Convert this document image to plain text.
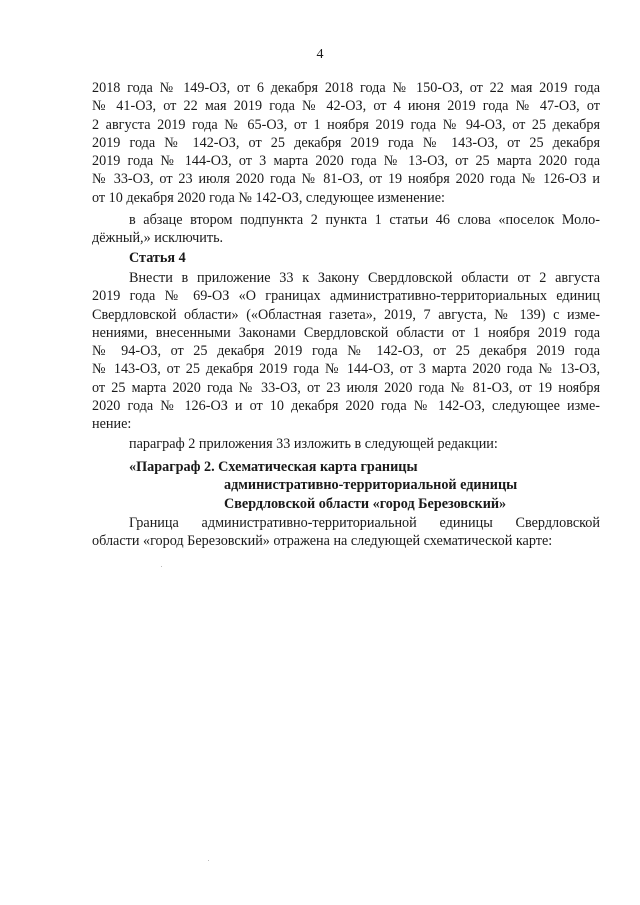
4
2018 года № 149-ОЗ, от 6 декабря 2018 года № 150-ОЗ, от 22 мая 2019 года
№ 41-ОЗ, от 22 мая 2019 года № 42-ОЗ, от 4 июня 2019 года № 47-ОЗ, от
2 августа 2019 года № 65-ОЗ, от 1 ноября 2019 года № 94-ОЗ, от 25 декабря
2019 года № 142-ОЗ, от 25 декабря 2019 года № 143-ОЗ, от 25 декабря
2019 года № 144-ОЗ, от 3 марта 2020 года № 13-ОЗ, от 25 марта 2020 года
№ 33-ОЗ, от 23 июля 2020 года № 81-ОЗ, от 19 ноября 2020 года № 126-ОЗ и
от 10 декабря 2020 года № 142-ОЗ, следующее изменение:
в абзаце втором подпункта 2 пункта 1 статьи 46 слова «поселок Моло-
дёжный,» исключить.
Статья 4
Внести в приложение 33 к Закону Свердловской области от 2 августа
2019 года № 69-ОЗ «О границах административно-территориальных единиц
Свердловской области» («Областная газета», 2019, 7 августа, № 139) с изме-
нениями, внесенными Законами Свердловской области от 1 ноября 2019 года
№ 94-ОЗ, от 25 декабря 2019 года № 142-ОЗ, от 25 декабря 2019 года
№ 143-ОЗ, от 25 декабря 2019 года № 144-ОЗ, от 3 марта 2020 года № 13-ОЗ,
от 25 марта 2020 года № 33-ОЗ, от 23 июля 2020 года № 81-ОЗ, от 19 ноября
2020 года № 126-ОЗ и от 10 декабря 2020 года № 142-ОЗ, следующее изме-
нение:
параграф 2 приложения 33 изложить в следующей редакции:
«Параграф 2. Схематическая карта границы
административно-территориальной единицы
Свердловской области «город Березовский»
Граница административно-территориальной единицы Свердловской
области «город Березовский» отражена на следующей схематической карте:
